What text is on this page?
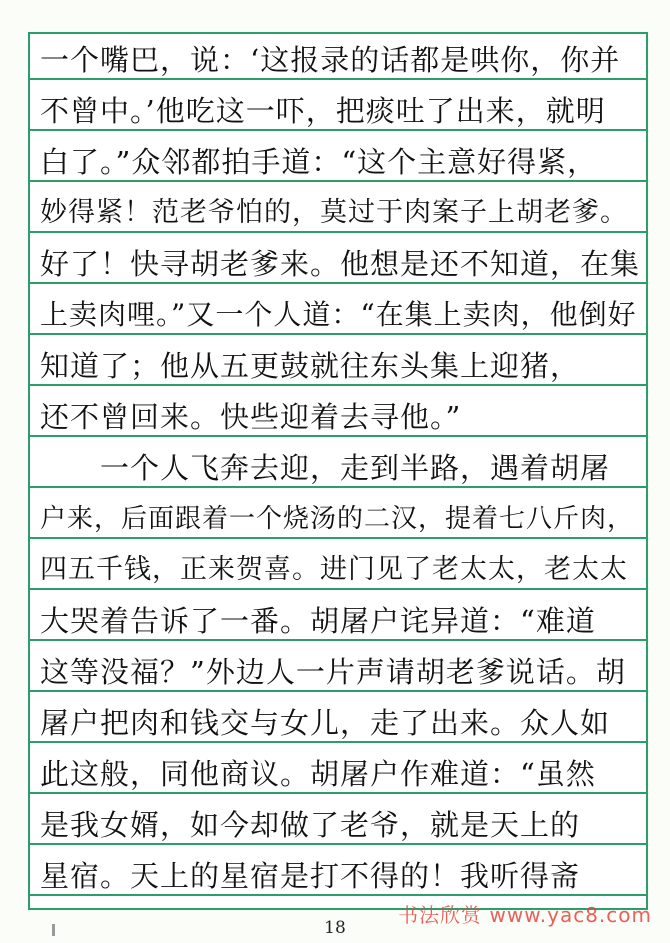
一个嘴巴，说：‘这报录的话都是哄你，你并
不曾中。’他吃这一吓，把痰吐了出来，就明
白了。”众邻都拍手道：“这个主意好得紧，
妙得紧！范老爷怕的，莫过于肉案子上胡老爹。
好了！快寻胡老爹来。他想是还不知道，在集
上卖肉哩。”又一个人道：“在集上卖肉，他倒好
知道了；他从五更鼓就往东头集上迎猪，
还不曾回来。快些迎着去寻他。”
　　一个人飞奔去迎，走到半路，遇着胡屠
户来，后面跟着一个烧汤的二汉，提着七八斤肉，
四五千钱，正来贺喜。进门见了老太太，老太太
大哭着告诉了一番。胡屠户诧异道：“难道
这等没福？”外边人一片声请胡老爹说话。胡
屠户把肉和钱交与女儿，走了出来。众人如
此这般，同他商议。胡屠户作难道：“虽然
是我女婿，如今却做了老爷，就是天上的
星宿。天上的星宿是打不得的！我听得斋
书法欣赏 www.yac8.com
18
